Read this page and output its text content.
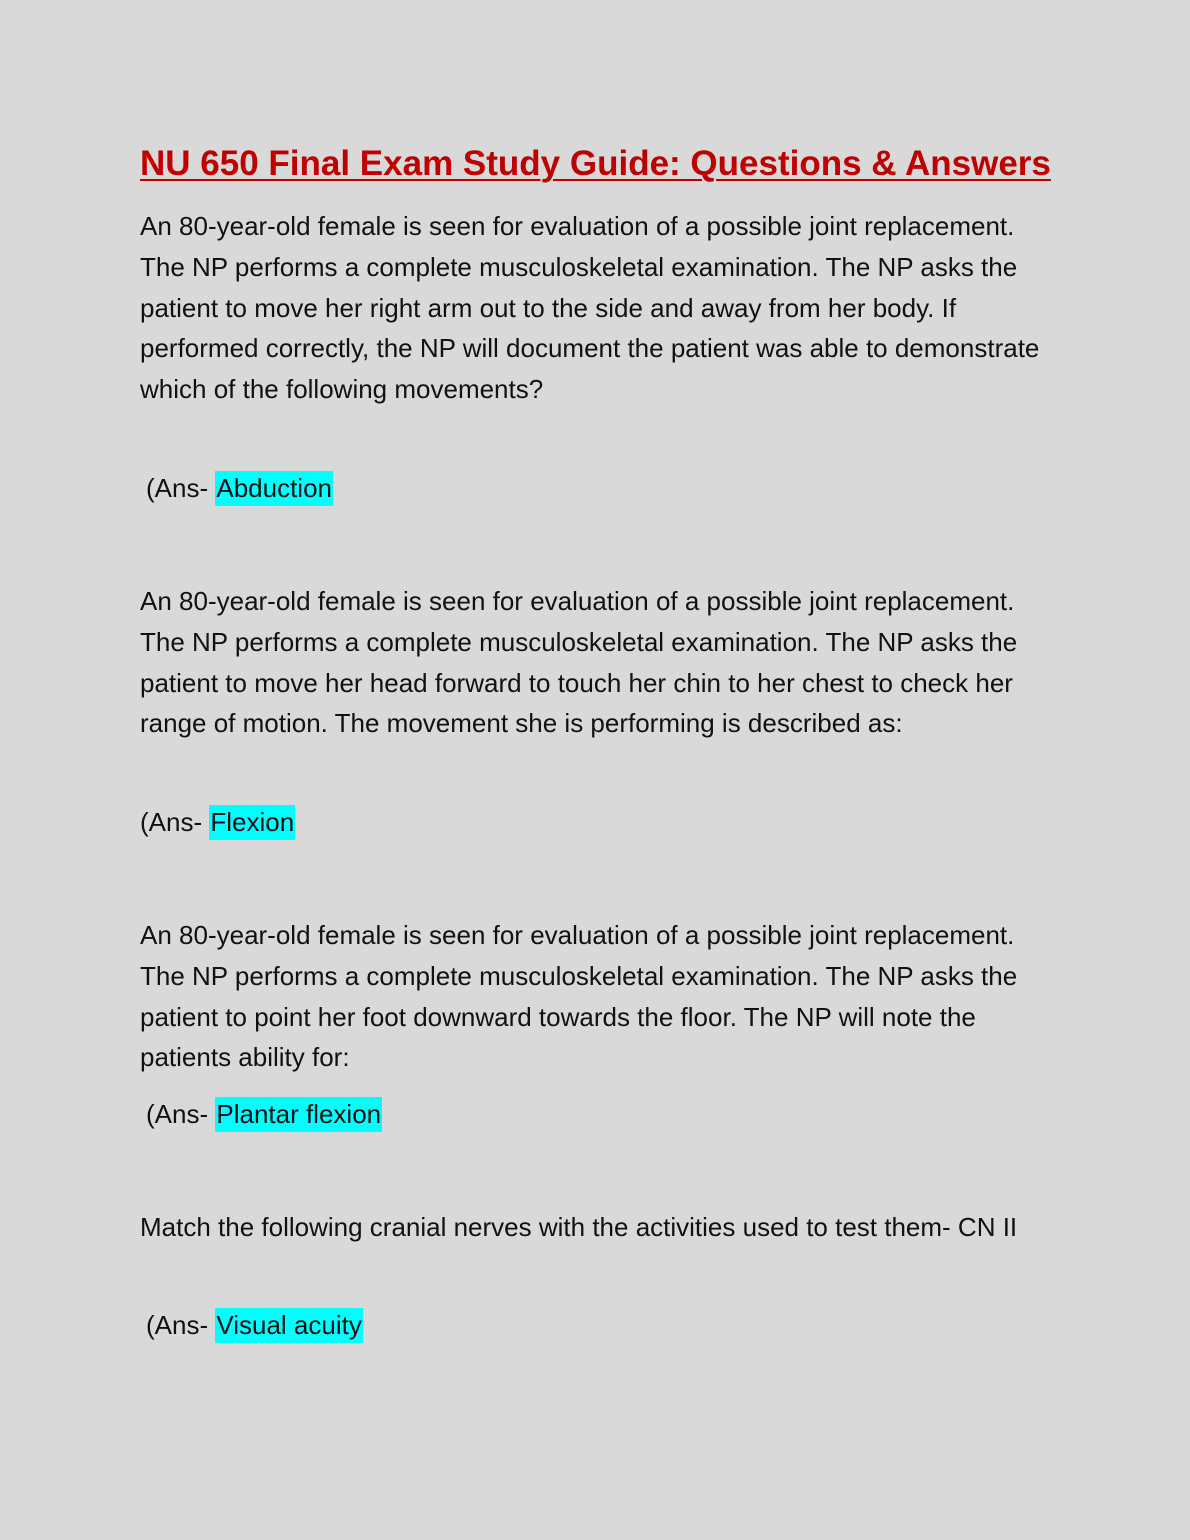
NU 650 Final Exam Study Guide: Questions & Answers

An 80-year-old female is seen for evaluation of a possible joint replacement. The NP performs a complete musculoskeletal examination. The NP asks the patient to move her right arm out to the side and away from her body. If performed correctly, the NP will document the patient was able to demonstrate which of the following movements?

(Ans- Abduction

An 80-year-old female is seen for evaluation of a possible joint replacement. The NP performs a complete musculoskeletal examination. The NP asks the patient to move her head forward to touch her chin to her chest to check her range of motion. The movement she is performing is described as:

(Ans- Flexion

An 80-year-old female is seen for evaluation of a possible joint replacement. The NP performs a complete musculoskeletal examination. The NP asks the patient to point her foot downward towards the floor. The NP will note the patients ability for:

(Ans- Plantar flexion

Match the following cranial nerves with the activities used to test them- CN II

(Ans- Visual acuity
